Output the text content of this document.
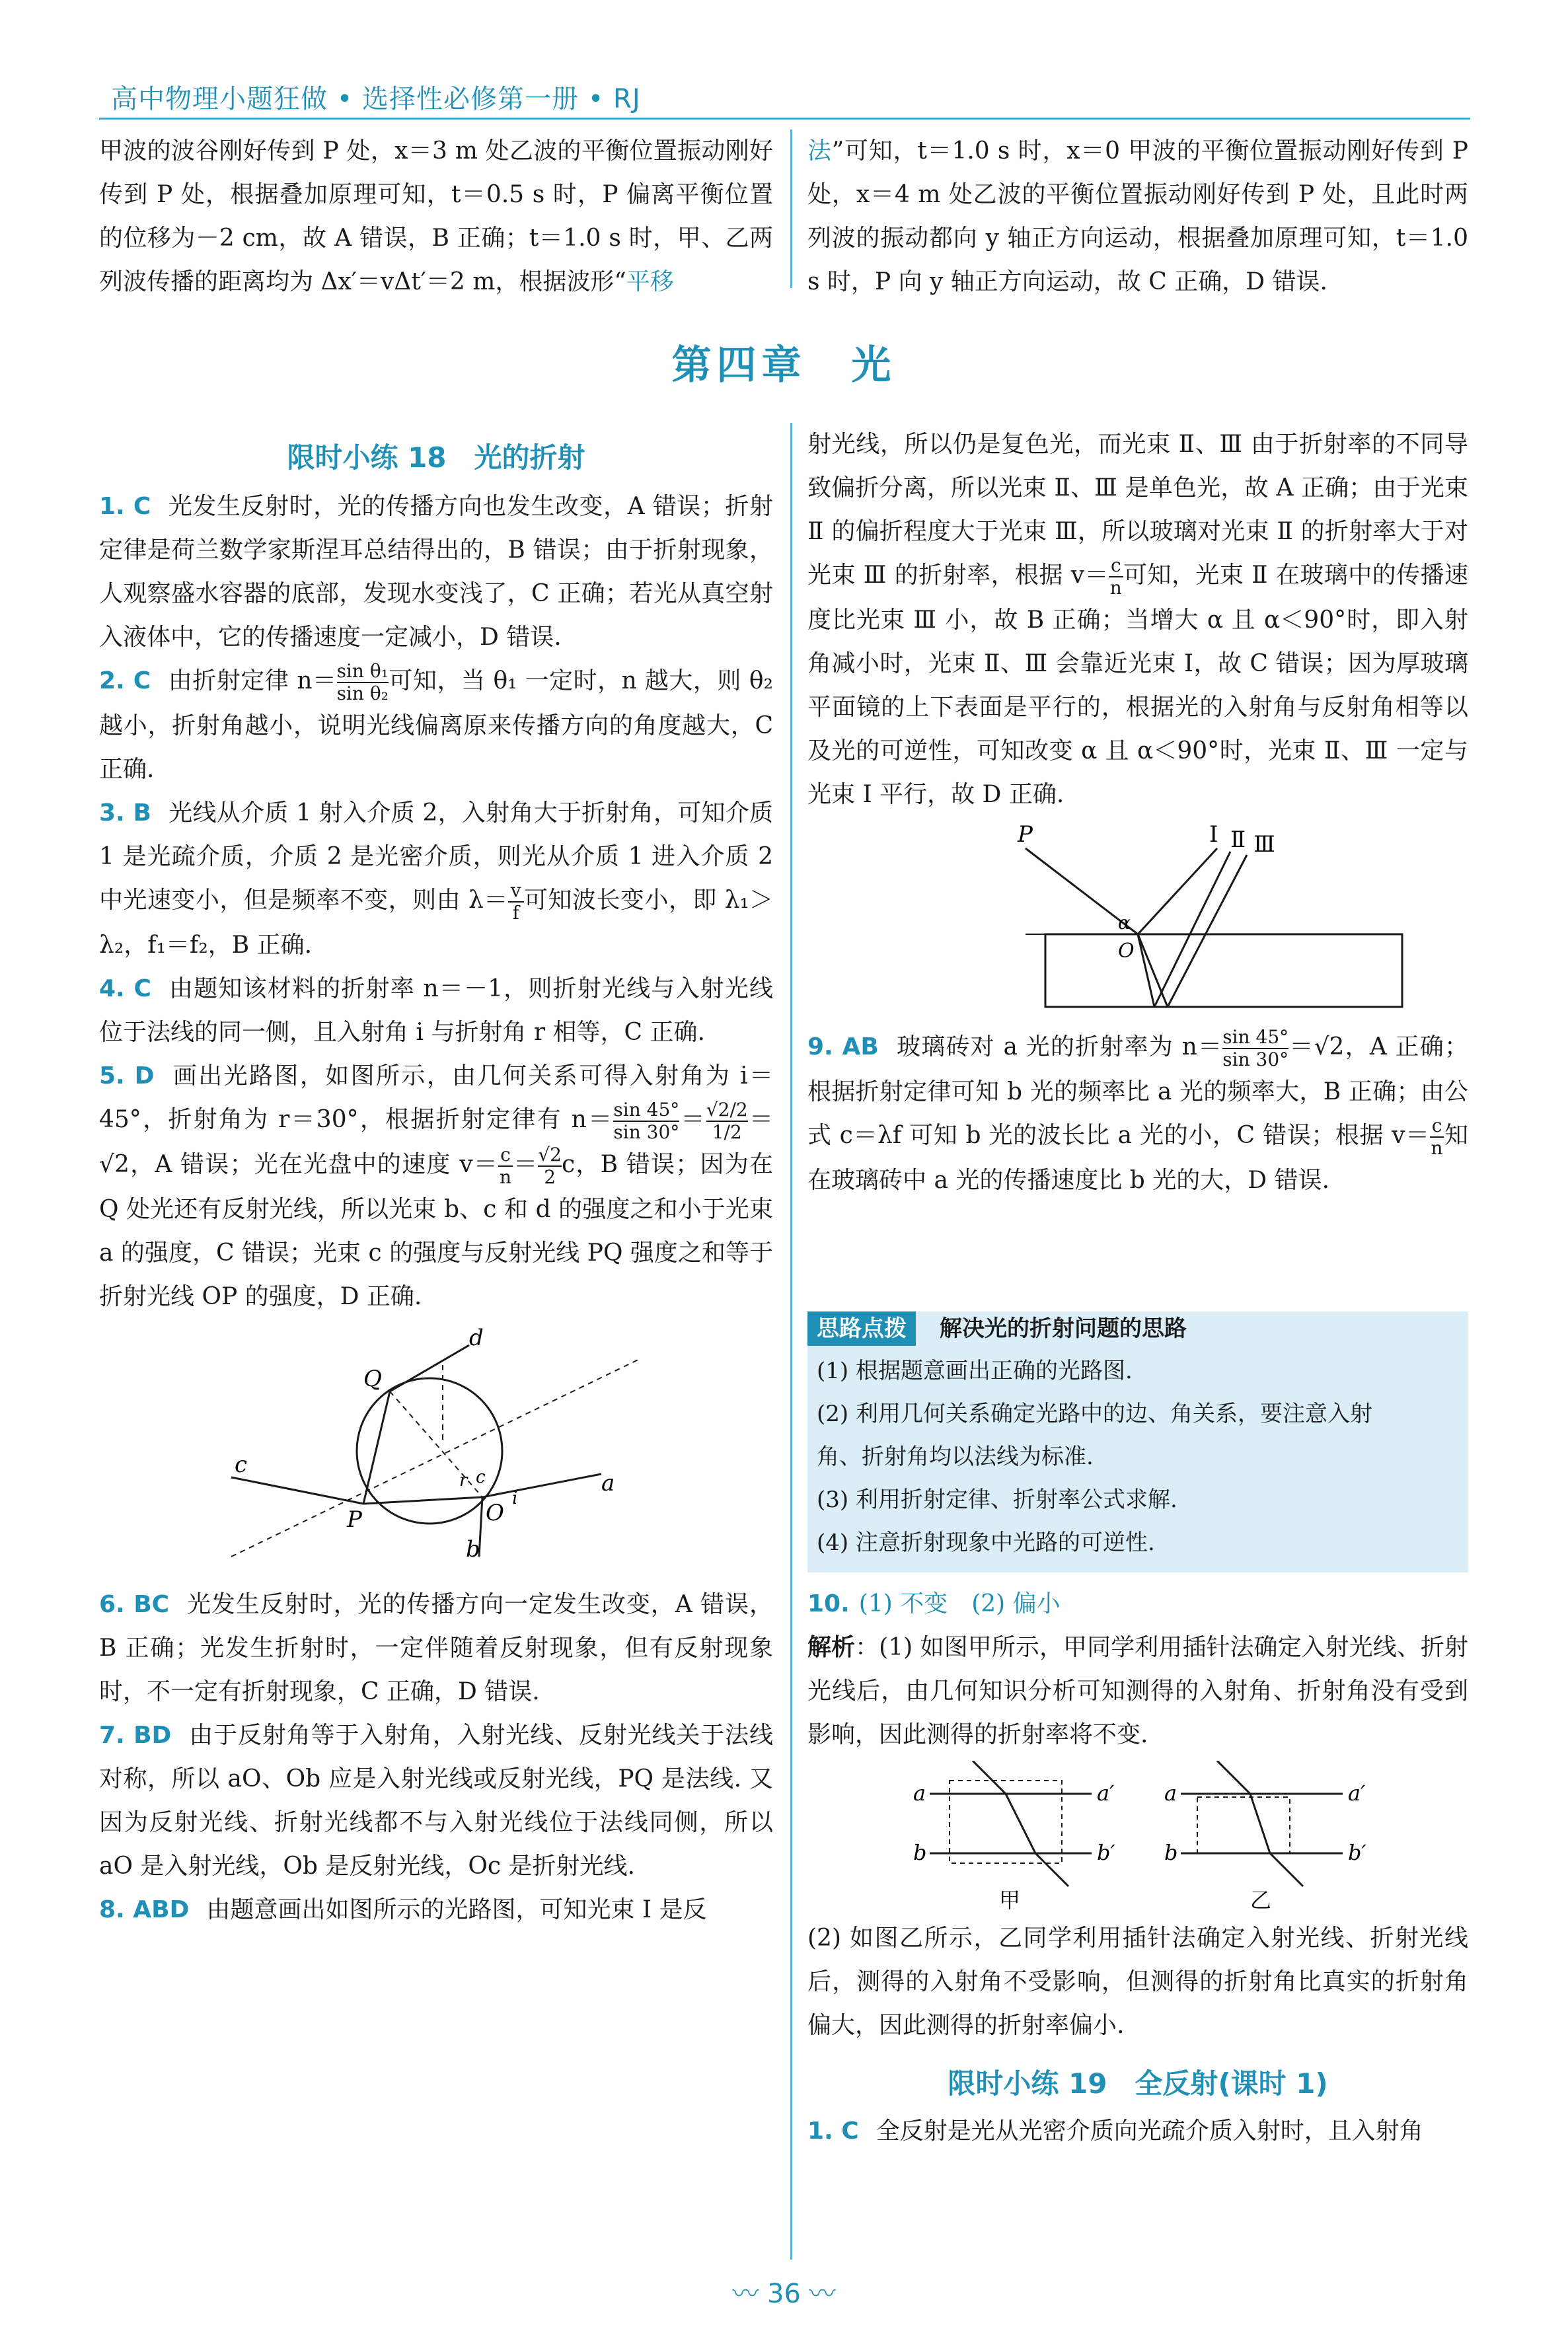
高中物理小题狂做 • 选择性必修第一册 • RJ

甲波的波谷刚好传到 P 处，x＝3 m 处乙波的平衡位置振动刚好传到 P 处，根据叠加原理可知，t＝0.5 s 时，P 偏离平衡位置的位移为－2 cm，故 A 错误，B 正确；t＝1.0 s 时，甲、乙两列波传播的距离均为 Δx′＝vΔt′＝2 m，根据波形“平移

法”可知，t＝1.0 s 时，x＝0 甲波的平衡位置振动刚好传到 P 处，x＝4 m 处乙波的平衡位置振动刚好传到 P 处，且此时两列波的振动都向 y 轴正方向运动，根据叠加原理可知，t＝1.0 s 时，P 向 y 轴正方向运动，故 C 正确，D 错误.

第四章　光
限时小练 18　光的折射

1. C 光发生反射时，光的传播方向也发生改变，A 错误；折射定律是荷兰数学家斯涅耳总结得出的，B 错误；由于折射现象，人观察盛水容器的底部，发现水变浅了，C 正确；若光从真空射入液体中，它的传播速度一定减小，D 错误.

2. C 由折射定律 $n= \frac{\text{sin θ₁}}{\text{sin θ₂}}$ 可知，当 θ₁ 一定时，n 越大，则 θ₂ 越小，折射角越小，说明光线偏离原来传播方向的角度越大，C 正确.

3. B 光线从介质 1 射入介质 2，入射角大于折射角，可知介质 1 是光疏介质，介质 2 是光密介质，则光从介质 1 进入介质 2 中光速变小，但是频率不变，则由 $\lambda= \frac{v}{f}$ 可知波长变小，即 λ₁＞λ₂，f₁＝f₂，B 正确.

4. C 由题知该材料的折射率 n＝－1，则折射光线与入射光线位于法线的同一侧，且入射角 i 与折射角 r 相等，C 正确.

5. D 画出光路图，如图所示，由几何关系可得入射角为 i＝45°，折射角为 r＝30°，根据折射定律有 $n= \frac{\sin 45^\circ}{\sin 30^\circ} = \frac{√2/2}{1/2} =√2$，A 错误；光在光盘中的速度 $v= \frac{c}{n} = \frac{√2}{2}$ c，B 错误；因为在 Q 处光还有反射光线，所以光束 b、c 和 d 的强度之和小于光束 a 的强度，C 错误；光束 c 的强度与反射光线 PQ 强度之和等于折射光线 OP 的强度，D 正确.

Q
d
c
P
r c
O
i
a
b

6. BC 光发生反射时，光的传播方向一定发生改变，A 错误，B 正确；光发生折射时，一定伴随着反射现象，但有反射现象时，不一定有折射现象，C 正确，D 错误.

7. BD 由于反射角等于入射角，入射光线、反射光线关于法线对称，所以 aO、Ob 应是入射光线或反射光线，PQ 是法线. 又因为反射光线、折射光线都不与入射光线位于法线同侧，所以 aO 是入射光线，Ob 是反射光线，Oc 是折射光线.

8. ABD 由题意画出如图所示的光路图，可知光束 Ⅰ 是反

射光线，所以仍是复色光，而光束 Ⅱ、Ⅲ 由于折射率的不同导致偏折分离，所以光束 Ⅱ、Ⅲ 是单色光，故 A 正确；由于光束 Ⅱ 的偏折程度大于光束 Ⅲ，所以玻璃对光束 Ⅱ 的折射率大于对光束 Ⅲ 的折射率，根据 $v= \frac{c}{n}$ 可知，光束 Ⅱ 在玻璃中的传播速度比光束 Ⅲ 小，故 B 正确；当增大 α 且 α＜90°时，即入射角减小时，光束 Ⅱ、Ⅲ 会靠近光束 Ⅰ，故 C 错误；因为厚玻璃平面镜的上下表面是平行的，根据光的入射角与反射角相等以及光的可逆性，可知改变 α 且 α＜90°时，光束 Ⅱ、Ⅲ 一定与光束 Ⅰ 平行，故 D 正确.

P	Ⅰ Ⅱ Ⅲ
α
O

9. AB 玻璃砖对 a 光的折射率为 $n= \frac{\sin 45^\circ}{\sin 30^\circ} =√2$，A 正确；根据折射定律可知 b 光的频率比 a 光的频率大，B 正确；由公式 c＝λf 可知 b 光的波长比 a 光的小，C 错误；根据 $v= \frac{c}{n}$ 知在玻璃砖中 a 光的传播速度比 b 光的大，D 错误.

思路点拨	解决光的折射问题的思路
(1) 根据题意画出正确的光路图.
(2) 利用几何关系确定光路中的边、角关系，要注意入射
角、折射角均以法线为标准.
(3) 利用折射定律、折射率公式求解.
(4) 注意折射现象中光路的可逆性.

10. (1) 不变　(2) 偏小

解析：(1) 如图甲所示，甲同学利用插针法确定入射光线、折射光线后，由几何知识分析可知测得的入射角、折射角没有受到影响，因此测得的折射率将不变.

a	a′
b	b′
甲
a	a′
b	b′
乙

(2) 如图乙所示，乙同学利用插针法确定入射光线、折射光线后，测得的入射角不受影响，但测得的折射角比真实的折射角偏大，因此测得的折射率偏小.

限时小练 19　全反射(课时 1)

1. C 全反射是光从光密介质向光疏介质入射时，且入射角

〰 36 〰
